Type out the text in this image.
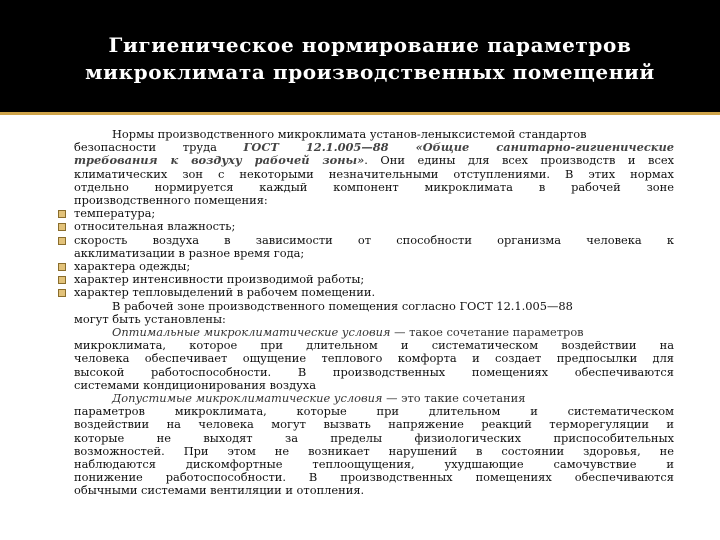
Гигиеническое нормирование параметров
микроклимата производственных помещений

Нормы производственного микроклимата установ-леныксистемой стандартов

безопасности труда ГОСТ 12.1.005—88 «Общие санитарно-гигиенические

требования к воздуху рабочей зоны». Они едины для всех производств и всех

климатических зон с некоторыми незначительными отступлениями. В этих нормах

отдельно нормируется каждый компонент микроклимата в рабочей зоне

производственного помещения:

температура;

относительная влажность;

скорость воздуха в зависимости от способности организма человека к

акклиматизации в разное время года;

характера одежды;

характер интенсивности производимой работы;

характер тепловыделений в рабочем помещении.

В рабочей зоне производственного помещения согласно ГОСТ 12.1.005—88

могут быть установлены:

Оптимальные микроклиматические условия — такое сочетание параметров

микроклимата, которое при длительном и систематическом воздействии на

человека обеспечивает ощущение теплового комфорта и создает предпосылки для

высокой работоспособности. В производственных помещениях обеспечиваются

системами кондиционирования воздуха

Допустимые микроклиматические условия — это такие сочетания

параметров микроклимата, которые при длительном и систематическом

воздействии на человека могут вызвать напряжение реакций терморегуляции и

которые не выходят за пределы физиологических приспособительных

возможностей. При этом не возникает нарушений в состоянии здоровья, не

наблюдаются дискомфортные теплоощущения, ухудшающие самочувствие и

понижение работоспособности. В производственных помещениях обеспечиваются

обычными системами вентиляции и отопления.
